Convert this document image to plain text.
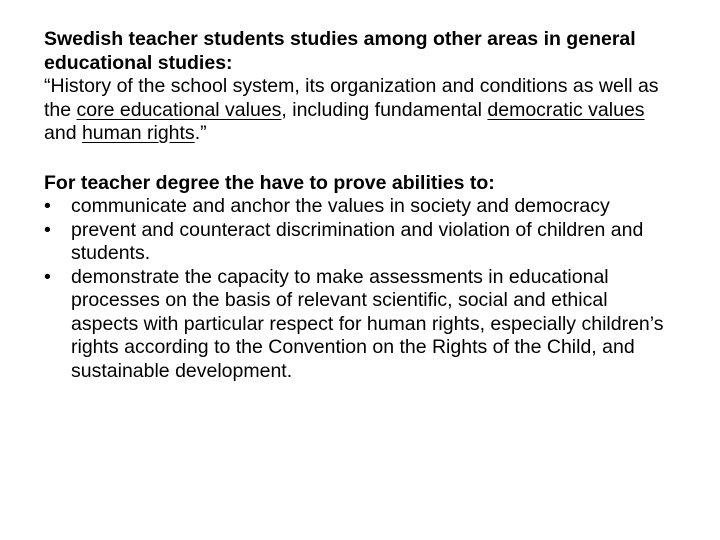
Swedish teacher students studies among other areas in general educational studies:

“History of the school system, its organization and conditions as well as the core educational values, including fundamental democratic values and human rights.”

For teacher degree the have to prove abilities to:

• communicate and anchor the values in society and democracy
• prevent and counteract discrimination and violation of children and students.
• demonstrate the capacity to make assessments in educational processes on the basis of relevant scientific, social and ethical aspects with particular respect for human rights, especially children’s rights according to the Convention on the Rights of the Child, and sustainable development.
